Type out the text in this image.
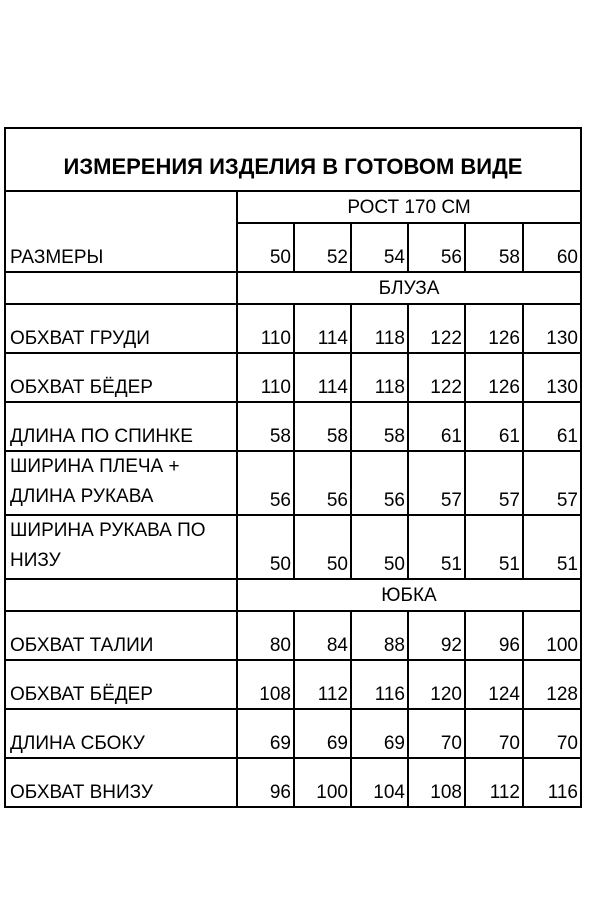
ИЗМЕРЕНИЯ ИЗДЕЛИЯ В ГОТОВОМ ВИДЕ						
РАЗМЕРЫ	РОСТ 170 СМ					
	50	52	54	56	58	60
	БЛУЗА					
ОБХВАТ ГРУДИ	110	114	118	122	126	130
ОБХВАТ БЁДЕР	110	114	118	122	126	130
ДЛИНА ПО СПИНКЕ	58	58	58	61	61	61
ШИРИНА ПЛЕЧА + ДЛИНА РУКАВА	56	56	56	57	57	57
ШИРИНА РУКАВА ПО НИЗУ	50	50	50	51	51	51
	ЮБКА					
ОБХВАТ ТАЛИИ	80	84	88	92	96	100
ОБХВАТ БЁДЕР	108	112	116	120	124	128
ДЛИНА СБОКУ	69	69	69	70	70	70
ОБХВАТ ВНИЗУ	96	100	104	108	112	116
